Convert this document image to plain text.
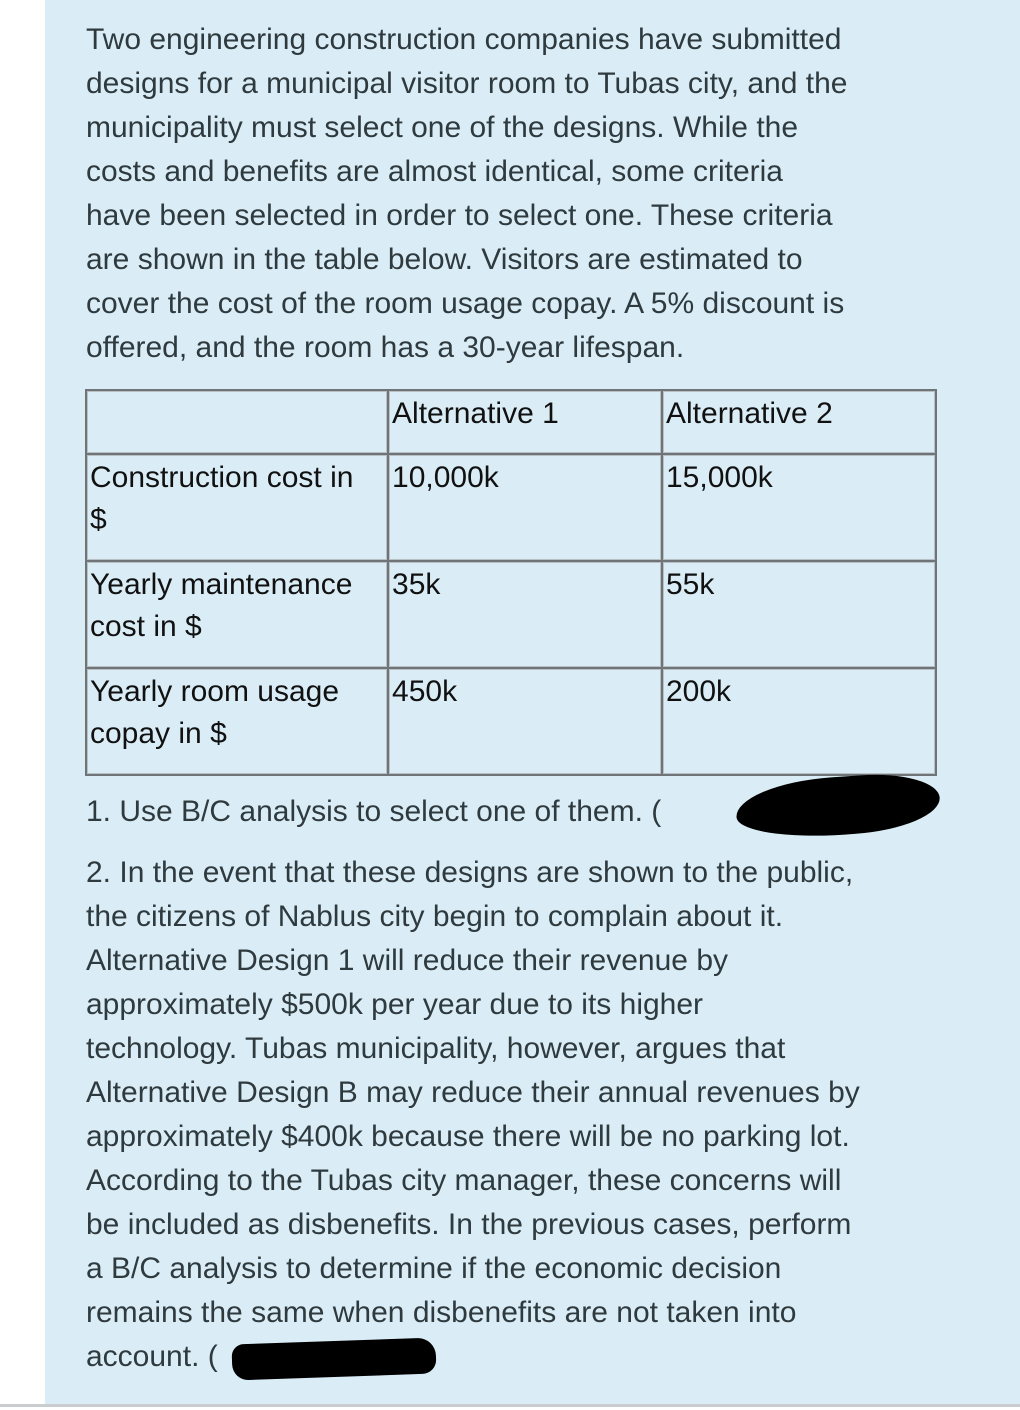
Two engineering construction companies have submitted
designs for a municipal visitor room to Tubas city, and the
municipality must select one of the designs. While the
costs and benefits are almost identical, some criteria
have been selected in order to select one. These criteria
are shown in the table below. Visitors are estimated to
cover the cost of the room usage copay. A 5% discount is
offered, and the room has a 30-year lifespan.

	Alternative 1	Alternative 2

Construction cost in
$	10,000k	15,000k

Yearly maintenance
cost in $	35k	55k

Yearly room usage
copay in $	450k	200k

1. Use B/C analysis to select one of them. (

2. In the event that these designs are shown to the public,
the citizens of Nablus city begin to complain about it.
Alternative Design 1 will reduce their revenue by
approximately $500k per year due to its higher
technology. Tubas municipality, however, argues that
Alternative Design B may reduce their annual revenues by
approximately $400k because there will be no parking lot.
According to the Tubas city manager, these concerns will
be included as disbenefits. In the previous cases, perform
a B/C analysis to determine if the economic decision
remains the same when disbenefits are not taken into
account. (
